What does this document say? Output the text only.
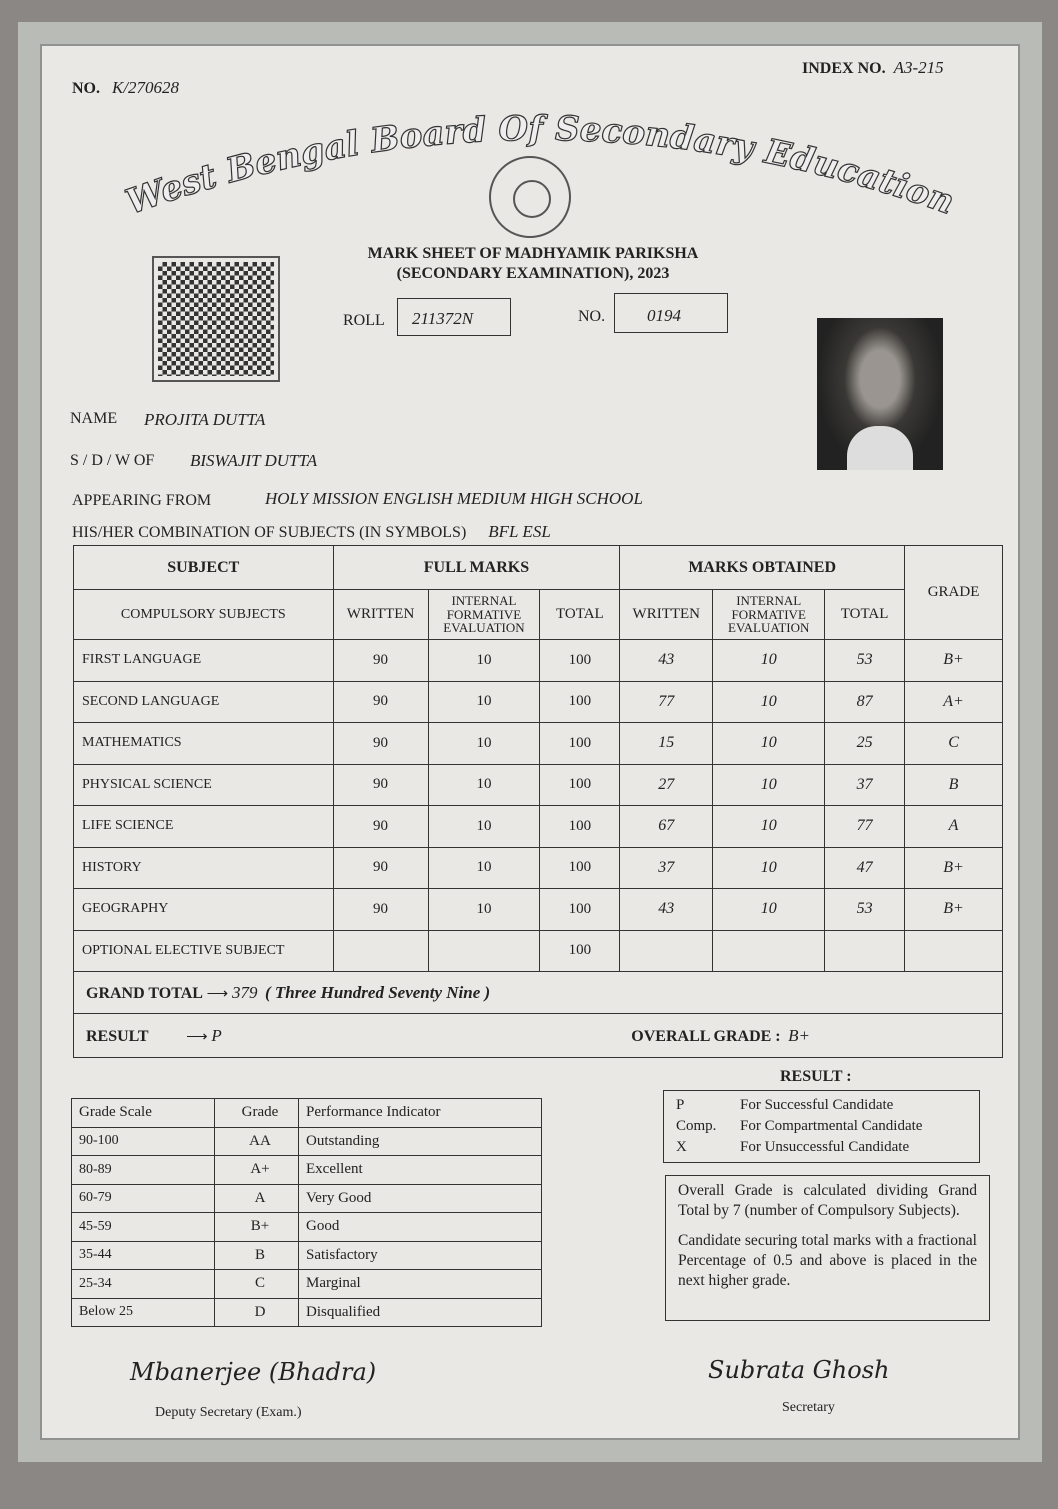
NO. K/270628
INDEX NO. A3-215
West Bengal Board Of Secondary Education
MARK SHEET OF MADHYAMIK PARIKSHA
(SECONDARY EXAMINATION), 2023
ROLL	211372N	NO.	0194
NAME PROJITA DUTTA
S / D / W OF BISWAJIT DUTTA
APPEARING FROM	HOLY MISSION ENGLISH MEDIUM HIGH SCHOOL
HIS/HER COMBINATION OF SUBJECTS (IN SYMBOLS) BFL ESL
SUBJECT	FULL MARKS			MARKS OBTAINED			GRADE
COMPULSORY SUBJECTS	WRITTEN	INTERNAL FORMATIVE EVALUATION	TOTAL	WRITTEN	INTERNAL FORMATIVE EVALUATION	TOTAL	
FIRST LANGUAGE	90	10	100	43	10	53	B+
SECOND LANGUAGE	90	10	100	77	10	87	A+
MATHEMATICS	90	10	100	15	10	25	C
PHYSICAL SCIENCE	90	10	100	27	10	37	B
LIFE SCIENCE	90	10	100	67	10	77	A
HISTORY	90	10	100	37	10	47	B+
GEOGRAPHY	90	10	100	43	10	53	B+
OPTIONAL ELECTIVE SUBJECT			100				
GRAND TOTAL ⟶ 379 ( Three Hundred Seventy Nine )							

RESULT ⟶ P OVERALL GRADE : B+							
Grade Scale	Grade	Performance Indicator
90-100	AA	Outstanding
80-89	A+	Excellent
60-79	A	Very Good
45-59	B+	Good
35-44	B	Satisfactory
25-34	C	Marginal
Below 25	D	Disqualified
RESULT :
P	For Successful Candidate
Comp. For Compartmental Candidate
X	For Unsuccessful Candidate
Overall Grade is calculated dividing Grand Total by 7 (number of Compulsory Subjects).
Candidate securing total marks with a fractional Percentage of 0.5 and above is placed in the next higher grade.
Mbanerjee (Bhadra)
Deputy Secretary (Exam.)
Subrata Ghosh
Secretary
